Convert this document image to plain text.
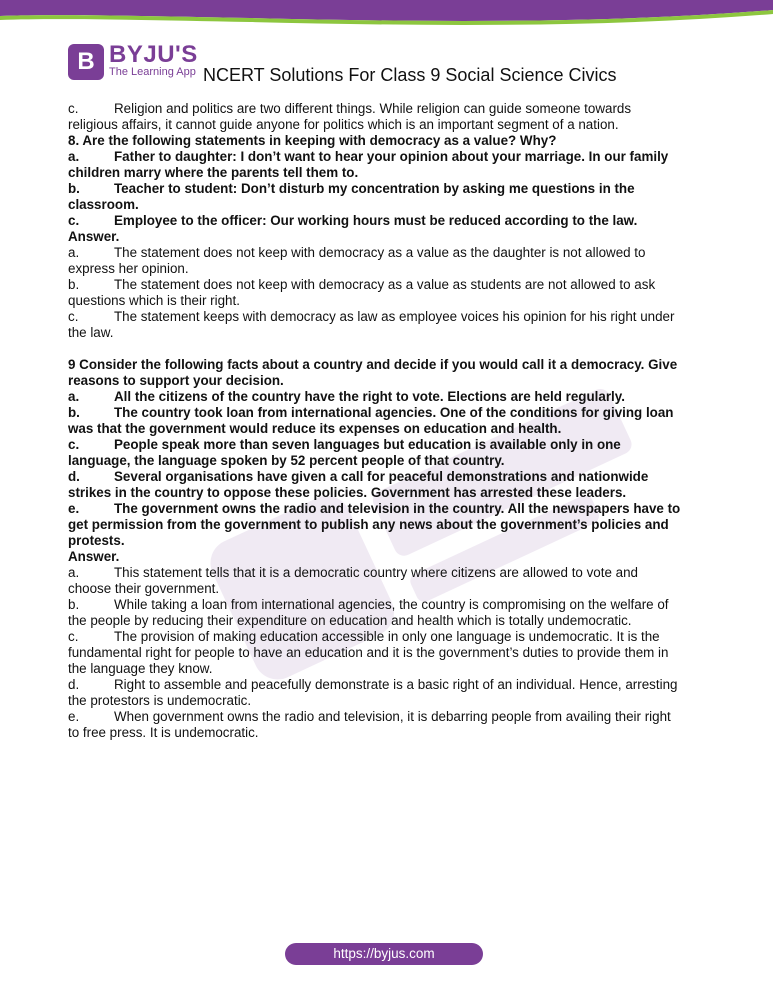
B BYJU'S
The Learning App NCERT Solutions For Class 9 Social Science Civics
c.	Religion and politics are two different things. While religion can guide someone towards
religious affairs, it cannot guide anyone for politics which is an important segment of a nation.
8. Are the following statements in keeping with democracy as a value? Why?
a.	Father to daughter: I don’t want to hear your opinion about your marriage. In our family
children marry where the parents tell them to.
b.	Teacher to student: Don’t disturb my concentration by asking me questions in the
classroom.
c.	Employee to the officer: Our working hours must be reduced according to the law.
Answer.
a.	The statement does not keep with democracy as a value as the daughter is not allowed to
express her opinion.
b.	The statement does not keep with democracy as a value as students are not allowed to ask
questions which is their right.
c.	The statement keeps with democracy as law as employee voices his opinion for his right under
the law.
9 Consider the following facts about a country and decide if you would call it a democracy. Give
reasons to support your decision.
a.	All the citizens of the country have the right to vote. Elections are held regularly.
b.	The country took loan from international agencies. One of the conditions for giving loan
was that the government would reduce its expenses on education and health.
c.	People speak more than seven languages but education is available only in one
language, the language spoken by 52 percent people of that country.
d.	Several organisations have given a call for peaceful demonstrations and nationwide
strikes in the country to oppose these policies. Government has arrested these leaders.
e.	The government owns the radio and television in the country. All the newspapers have to
get permission from the government to publish any news about the government’s policies and
protests.
Answer.
a.	This statement tells that it is a democratic country where citizens are allowed to vote and
choose their government.
b.	While taking a loan from international agencies, the country is compromising on the welfare of
the people by reducing their expenditure on education and health which is totally undemocratic.
c.	The provision of making education accessible in only one language is undemocratic. It is the
fundamental right for people to have an education and it is the government’s duties to provide them in
the language they know.
d.	Right to assemble and peacefully demonstrate is a basic right of an individual. Hence, arresting
the protestors is undemocratic.
e.	When government owns the radio and television, it is debarring people from availing their right
to free press. It is undemocratic.
https://byjus.com
